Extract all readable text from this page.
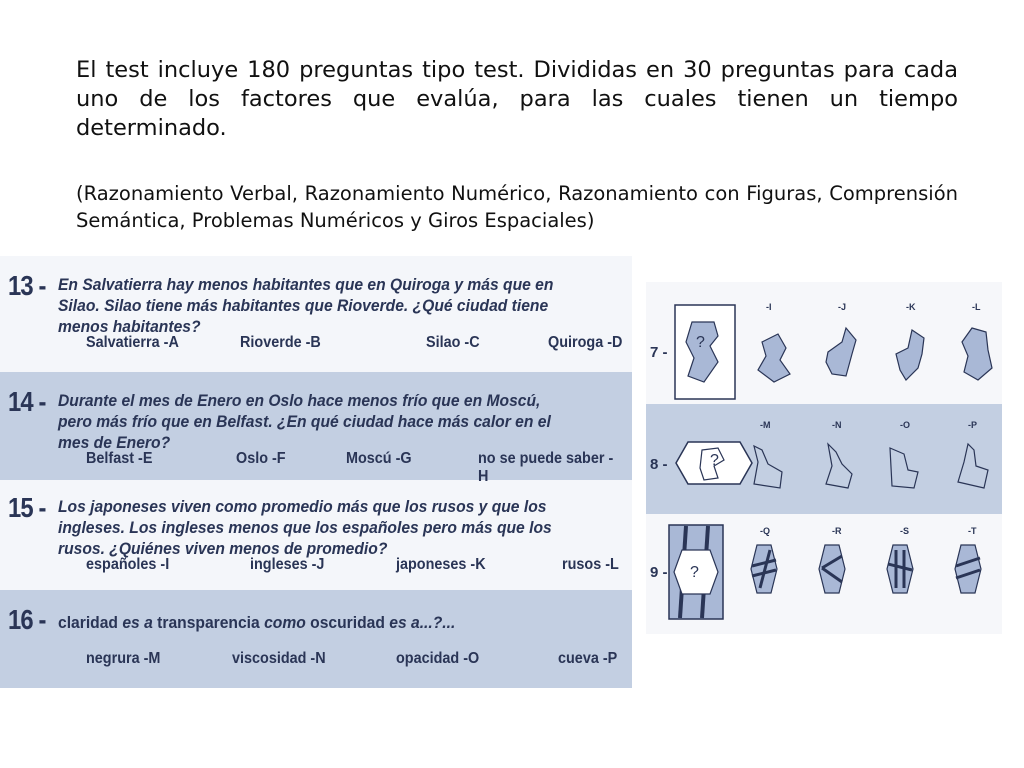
El test incluye 180 preguntas tipo test. Divididas en 30 preguntas para cada uno de los factores que evalúa, para las cuales tienen un tiempo determinado.

(Razonamiento Verbal, Razonamiento Numérico, Razonamiento con Figuras, Comprensión Semántica, Problemas Numéricos y Giros Espaciales)

13 - En Salvatierra hay menos habitantes que en Quiroga y más que en Silao. Silao tiene más habitantes que Rioverde. ¿Qué ciudad tiene menos habitantes?

Salvatierra -A	Rioverde -B	Silao -C	Quiroga -D
14 - Durante el mes de Enero en Oslo hace menos frío que en Moscú, pero más frío que en Belfast. ¿En qué ciudad hace más calor en el mes de Enero?

Belfast -E	Oslo -F	Moscú -G	no se puede saber -H
15 - Los japoneses viven como promedio más que los rusos y que los ingleses. Los ingleses menos que los españoles pero más que los rusos. ¿Quiénes viven menos de promedio?

españoles -I	ingleses -J	japoneses -K	rusos -L
16 - claridad es a transparencia como oscuridad es a...?...

negrura -M	viscosidad -N	opacidad -O	cueva -P
7 -
-I	-J	-K	-L
?
8 -
-M	-N	-O	-P
?
9 -
-Q	-R	-S	-T
?
